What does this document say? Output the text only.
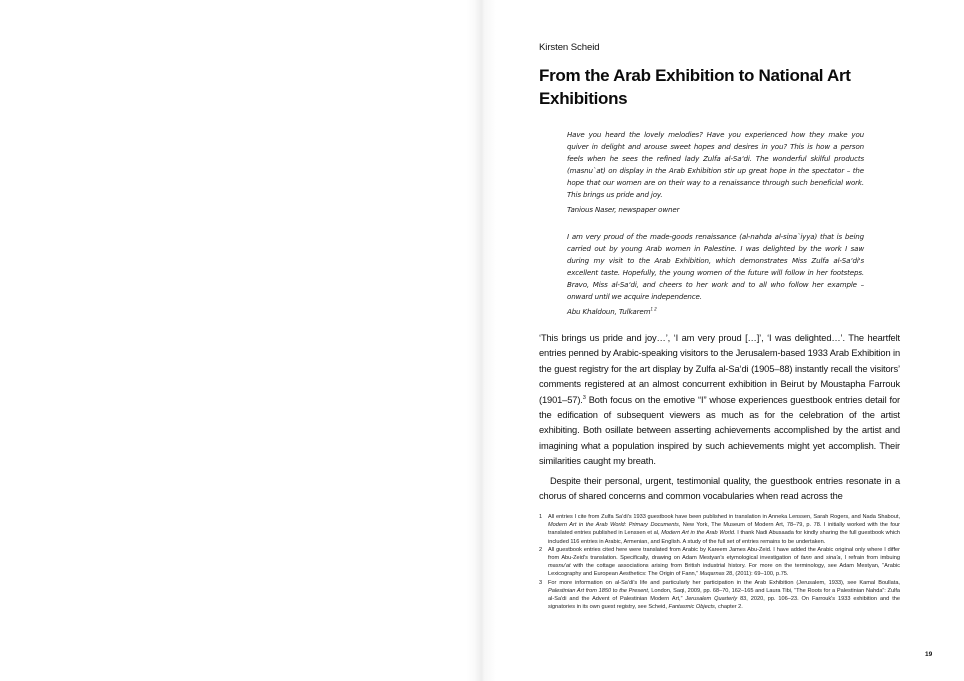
Kirsten Scheid
From the Arab Exhibition to National Art Exhibitions

Have you heard the lovely melodies? Have you experienced how they make you quiver in delight and arouse sweet hopes and desires in you? This is how a person feels when he sees the refined lady Zulfa al-Sa‘di. The wonderful skilful products (masnu`at) on display in the Arab Exhibition stir up great hope in the spectator – the hope that our women are on their way to a renaissance through such beneficial work. This brings us pride and joy.

Tanious Naser, newspaper owner

I am very proud of the made-goods renaissance (al-nahda al-sina`iyya) that is being carried out by young Arab women in Palestine. I was delighted by the work I saw during my visit to the Arab Exhibition, which demonstrates Miss Zulfa al-Sa‘di's excellent taste. Hopefully, the young women of the future will follow in her footsteps. Bravo, Miss al-Sa‘di, and cheers to her work and to all who follow her example – onward until we acquire independence.

Abu Khaldoun, Tulkarem$^{1 2}$

‘This brings us pride and joy…’, ‘I am very proud […]’, ‘I was delighted…’. The heartfelt entries penned by Arabic-speaking visitors to the Jerusalem-based 1933 Arab Exhibition in the guest registry for the art display by Zulfa al-Sa‘di (1905–88) instantly recall the visitors’ comments registered at an almost concurrent exhibition in Beirut by Moustapha Farrouk (1901–57).$^3$ Both focus on the emotive “I” whose experiences guestbook entries detail for the edification of subsequent viewers as much as for the celebration of the artist exhibiting. Both osillate between asserting achievements accomplished by the artist and imagining what a population inspired by such achievements might yet accomplish. Their similarities caught my breath.

Despite their personal, urgent, testimonial quality, the guestbook entries resonate in a chorus of shared concerns and common vocabularies when read across the

1	All entries I cite from Zulfa Sa‘di's 1933 guestbook have been published in translation in Anneka Lenssen, Sarah Rogers, and Nada Shabout, Modern Art in the Arab World: Primary Documents, New York, The Museum of Modern Art, 78–79, p. 78. I initially worked with the four translated entries published in Lenssen et al, Modern Art in the Arab World. I thank Nadi Abusaada for kindly sharing the full guestbook which included 116 entries in Arabic, Armenian, and English. A study of the full set of entries remains to be undertaken.
2	All guestbook entries cited here were translated from Arabic by Kareem James Abu-Zeid. I have added the Arabic original only where I differ from Abu-Zeid's translation. Specifically, drawing on Adam Mestyan's etymological investigation of fann and sina'a, I refrain from imbuing masnu'at with the cottage associations arising from British industrial history. For more on the terminology, see Adam Mestyan, “Arabic Lexicography and European Aesthetics: The Origin of Fann,” Muqarnas 28, (2011): 69–100, p.75.
3	For more information on al-Sa'di's life and particularly her participation in the Arab Exhibition (Jerusalem, 1933), see Kamal Boullata, Palestinian Art from 1850 to the Present, London, Saqi, 2009, pp. 68–70, 162–165 and Laura Tibi, “The Roots for a Palestinian Nahda”: Zulfa al-Sa'di and the Advent of Palestinian Modern Art,” Jerusalem Quarterly 83, 2020, pp. 106–23. On Farrouk's 1933 exhibition and the signatories in its own guest registry, see Scheid, Fantasmic Objects, chapter 2.
19
